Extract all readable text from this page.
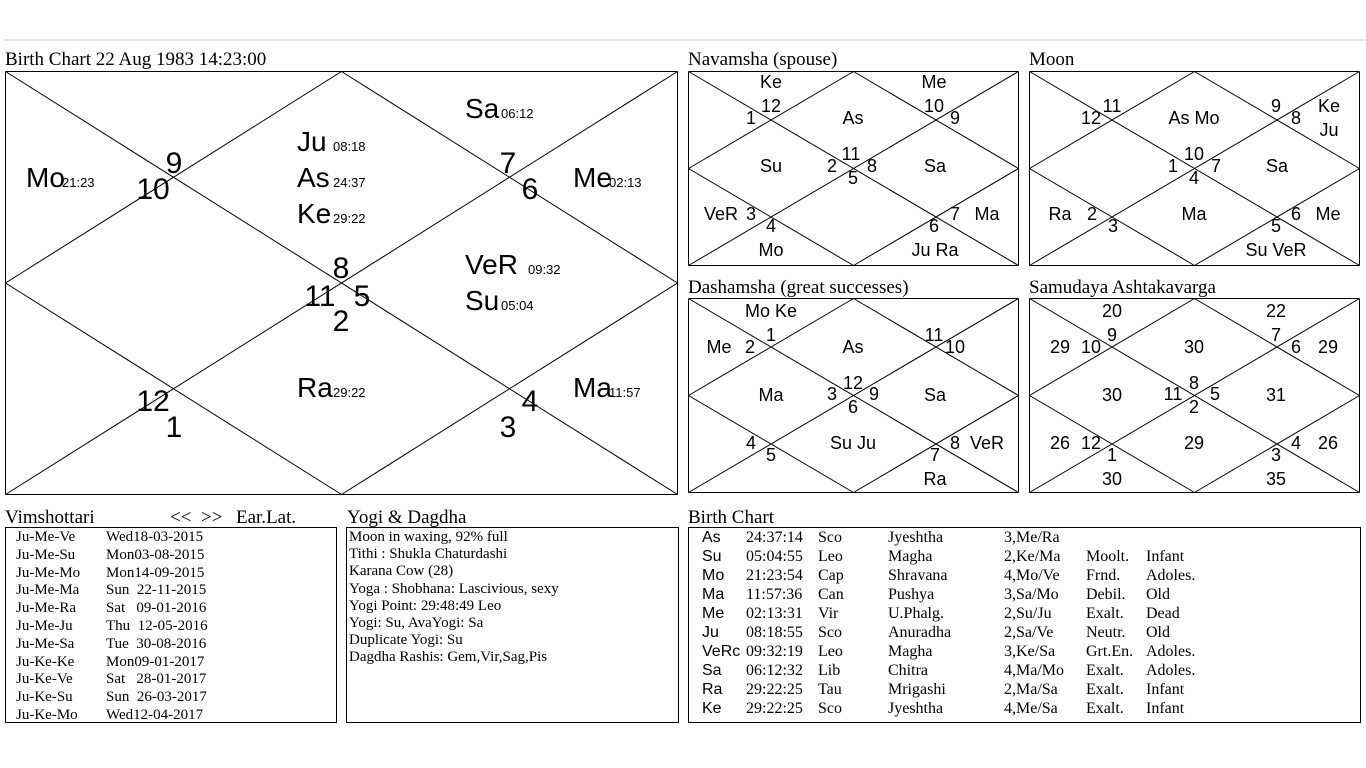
Birth Chart 22 Aug 1983 14:23:00
Ju 08:18
As 24:37
Ke 29:22
8
Sa 06:12
7
9
Mo
21:23 10	Me
02:13
6
11
VeR 09:32
Su 05:04
5
Ra 29:22
2
12
1
Ma
11:57
4
3
Navamsha (spouse)
Ke
12
As
Me
10
9
1
Su
11
8
5
Sa
VeR 3
4
Mo
6
7 Ma
Ju Ra
2
Moon
11
12	As Mo
9
8
Ke
Ju
10
1 7
4
Sa
Ra 2
3
Ma
5
6 Me
Su VeR
Dashamsha (great successes)
Mo Ke
1
Me 2	As
11
10
12
3 9
6
Ma	Sa
4
5
Su Ju	8 VeR
7
Ra
Samudaya Ashtakavarga
20	22
29 10
9
30
7
6 29
8
11 5
2
30	31
26 12
1
29
3
4 26
30	35
Vimshottari	<< >> Ear.Lat.
Ju-Me-Ve Wed18-03-2015
Ju-Me-Su Mon03-08-2015
Ju-Me-Mo Mon14-09-2015
Ju-Me-Ma Sun  22-11-2015
Ju-Me-Ra Sat   09-01-2016
Ju-Me-Ju Thu  12-05-2016
Ju-Me-Sa Tue  30-08-2016
Ju-Ke-Ke Mon09-01-2017
Ju-Ke-Ve Sat   28-01-2017
Ju-Ke-Su Sun  26-03-2017
Ju-Ke-Mo Wed12-04-2017
Yogi & Dagdha
Moon in waxing, 92% full
Tithi : Shukla Chaturdashi
Karana Cow (28)
Yoga : Shobhana: Lascivious, sexy
Yogi Point: 29:48:49 Leo
Yogi: Su, AvaYogi: Sa
Duplicate Yogi: Su
Dagdha Rashis: Gem,Vir,Sag,Pis
Birth Chart
As 24:37:14 Sco	Jyeshtha	3,Me/Ra
Su 05:04:55 Leo	Magha	2,Ke/Ma Moolt. Infant
Mo 21:23:54 Cap	Shravana	4,Mo/Ve Frnd. Adoles.
Ma 11:57:36 Can	Pushya	3,Sa/Mo Debil. Old
Me 02:13:31 Vir	U.Phalg.	2,Su/Ju Exalt. Dead
Ju 08:18:55 Sco	Anuradha	2,Sa/Ve Neutr. Old
VeRc 09:32:19 Leo	Magha	3,Ke/Sa Grt.En. Adoles.
Sa 06:12:32 Lib	Chitra	4,Ma/Mo Exalt. Adoles.
Ra 29:22:25 Tau	Mrigashi	2,Ma/Sa Exalt. Infant
Ke 29:22:25 Sco	Jyeshtha	4,Me/Sa Exalt. Infant
